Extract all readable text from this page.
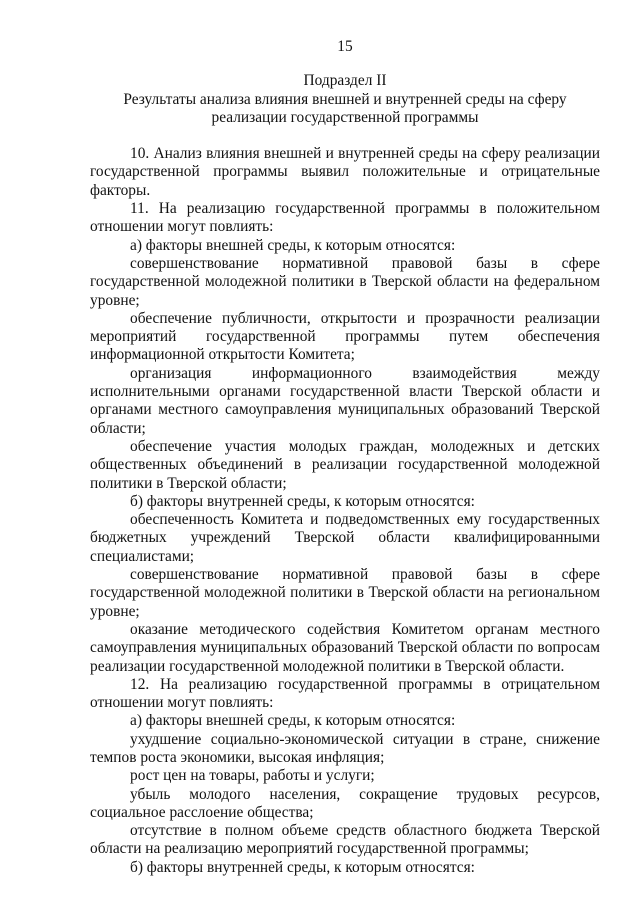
15
Подраздел II
Результаты анализа влияния внешней и внутренней среды на сферу
реализации государственной программы

10. Анализ влияния внешней и внутренней среды на сферу реализации государственной программы выявил положительные и отрицательные факторы.

11. На реализацию государственной программы в положительном отношении могут повлиять:

а) факторы внешней среды, к которым относятся:

совершенствование нормативной правовой базы в сфере государственной молодежной политики в Тверской области на федеральном уровне;

обеспечение публичности, открытости и прозрачности реализации мероприятий государственной программы путем обеспечения информационной открытости Комитета;

организация информационного взаимодействия между исполнительными органами государственной власти Тверской области и органами местного самоуправления муниципальных образований Тверской области;

обеспечение участия молодых граждан, молодежных и детских общественных объединений в реализации государственной молодежной политики в Тверской области;

б) факторы внутренней среды, к которым относятся:

обеспеченность Комитета и подведомственных ему государственных бюджетных учреждений Тверской области квалифицированными специалистами;

совершенствование нормативной правовой базы в сфере государственной молодежной политики в Тверской области на региональном уровне;

оказание методического содействия Комитетом органам местного самоуправления муниципальных образований Тверской области по вопросам реализации государственной молодежной политики в Тверской области.

12. На реализацию государственной программы в отрицательном отношении могут повлиять:

а) факторы внешней среды, к которым относятся:

ухудшение социально-экономической ситуации в стране, снижение темпов роста экономики, высокая инфляция;

рост цен на товары, работы и услуги;

убыль молодого населения, сокращение трудовых ресурсов, социальное расслоение общества;

отсутствие в полном объеме средств областного бюджета Тверской области на реализацию мероприятий государственной программы;

б) факторы внутренней среды, к которым относятся:
